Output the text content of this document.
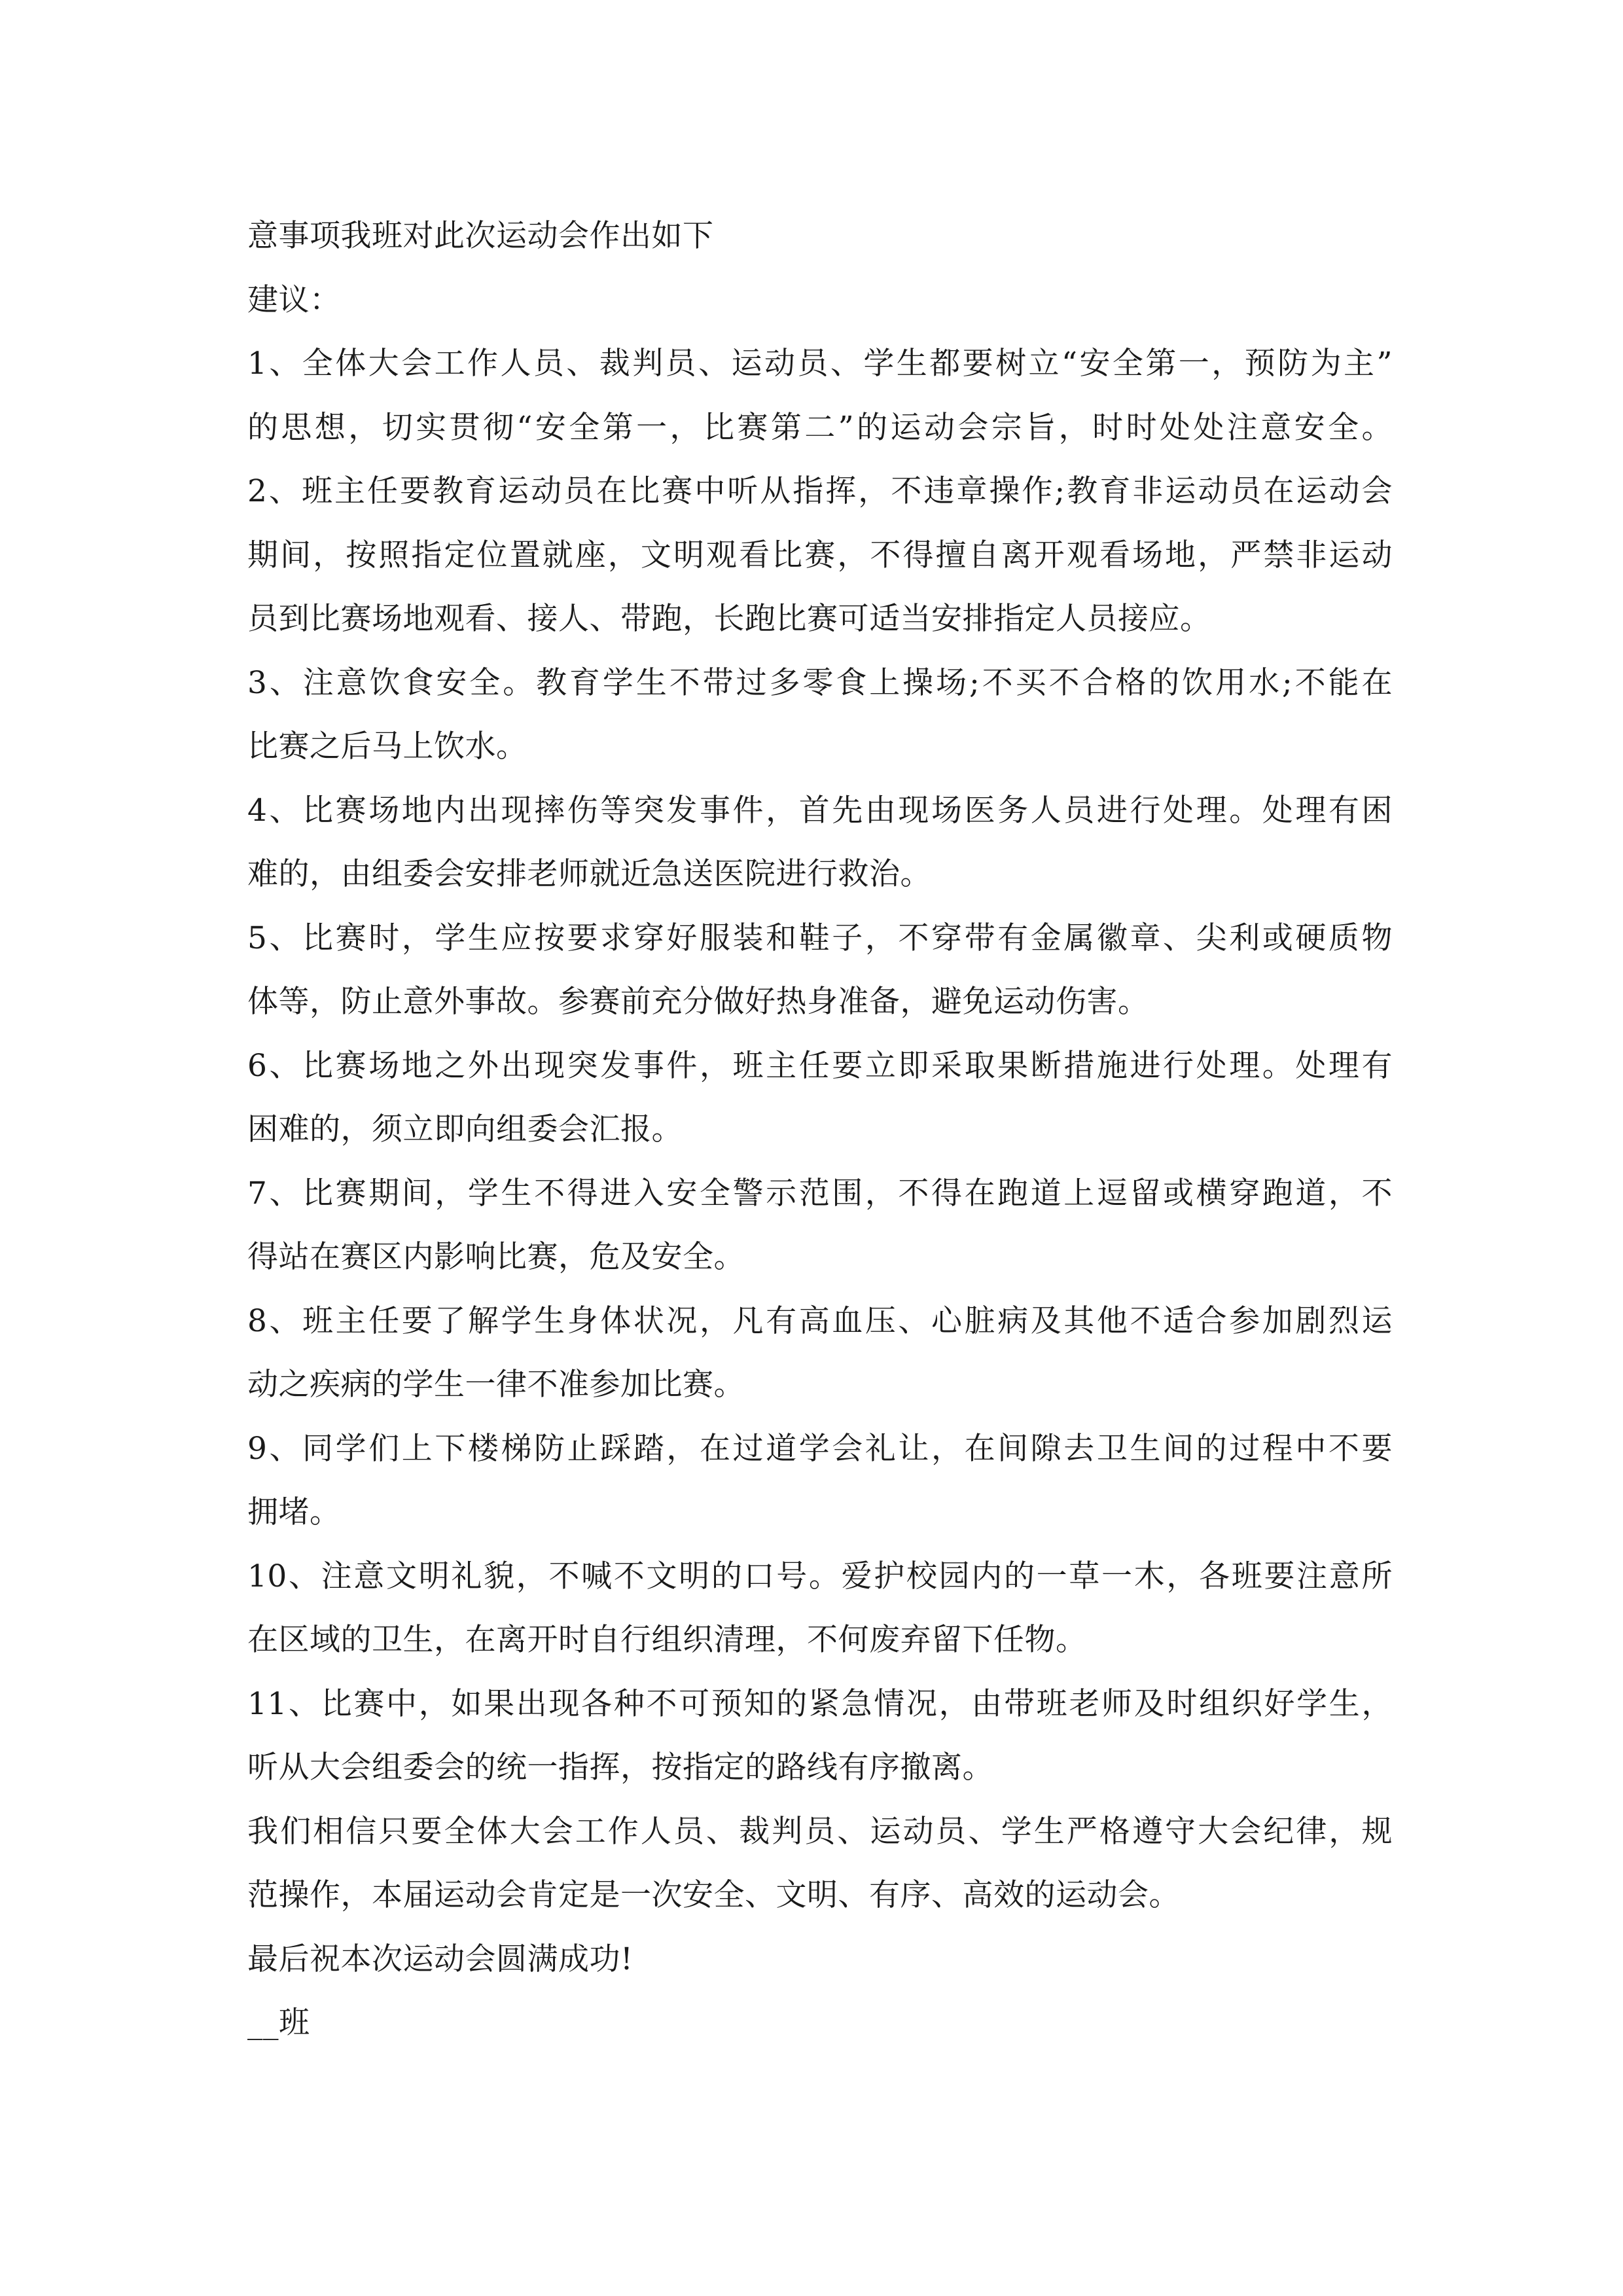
意事项我班对此次运动会作出如下
建议：
1、全体大会工作人员、裁判员、运动员、学生都要树立“安全第一，预防为主”
的思想，切实贯彻“安全第一，比赛第二”的运动会宗旨，时时处处注意安全。
2、班主任要教育运动员在比赛中听从指挥，不违章操作;教育非运动员在运动会
期间，按照指定位置就座，文明观看比赛，不得擅自离开观看场地，严禁非运动
员到比赛场地观看、接人、带跑，长跑比赛可适当安排指定人员接应。
3、注意饮食安全。教育学生不带过多零食上操场;不买不合格的饮用水;不能在
比赛之后马上饮水。
4、比赛场地内出现摔伤等突发事件，首先由现场医务人员进行处理。处理有困
难的，由组委会安排老师就近急送医院进行救治。
5、比赛时，学生应按要求穿好服装和鞋子，不穿带有金属徽章、尖利或硬质物
体等，防止意外事故。参赛前充分做好热身准备，避免运动伤害。
6、比赛场地之外出现突发事件，班主任要立即采取果断措施进行处理。处理有
困难的，须立即向组委会汇报。
7、比赛期间，学生不得进入安全警示范围，不得在跑道上逗留或横穿跑道，不
得站在赛区内影响比赛，危及安全。
8、班主任要了解学生身体状况，凡有高血压、心脏病及其他不适合参加剧烈运
动之疾病的学生一律不准参加比赛。
9、同学们上下楼梯防止踩踏，在过道学会礼让，在间隙去卫生间的过程中不要
拥堵。
10、注意文明礼貌，不喊不文明的口号。爱护校园内的一草一木，各班要注意所
在区域的卫生，在离开时自行组织清理，不何废弃留下任物。
11、比赛中，如果出现各种不可预知的紧急情况，由带班老师及时组织好学生，
听从大会组委会的统一指挥，按指定的路线有序撤离。
我们相信只要全体大会工作人员、裁判员、运动员、学生严格遵守大会纪律，规
范操作，本届运动会肯定是一次安全、文明、有序、高效的运动会。
最后祝本次运动会圆满成功!
__班
